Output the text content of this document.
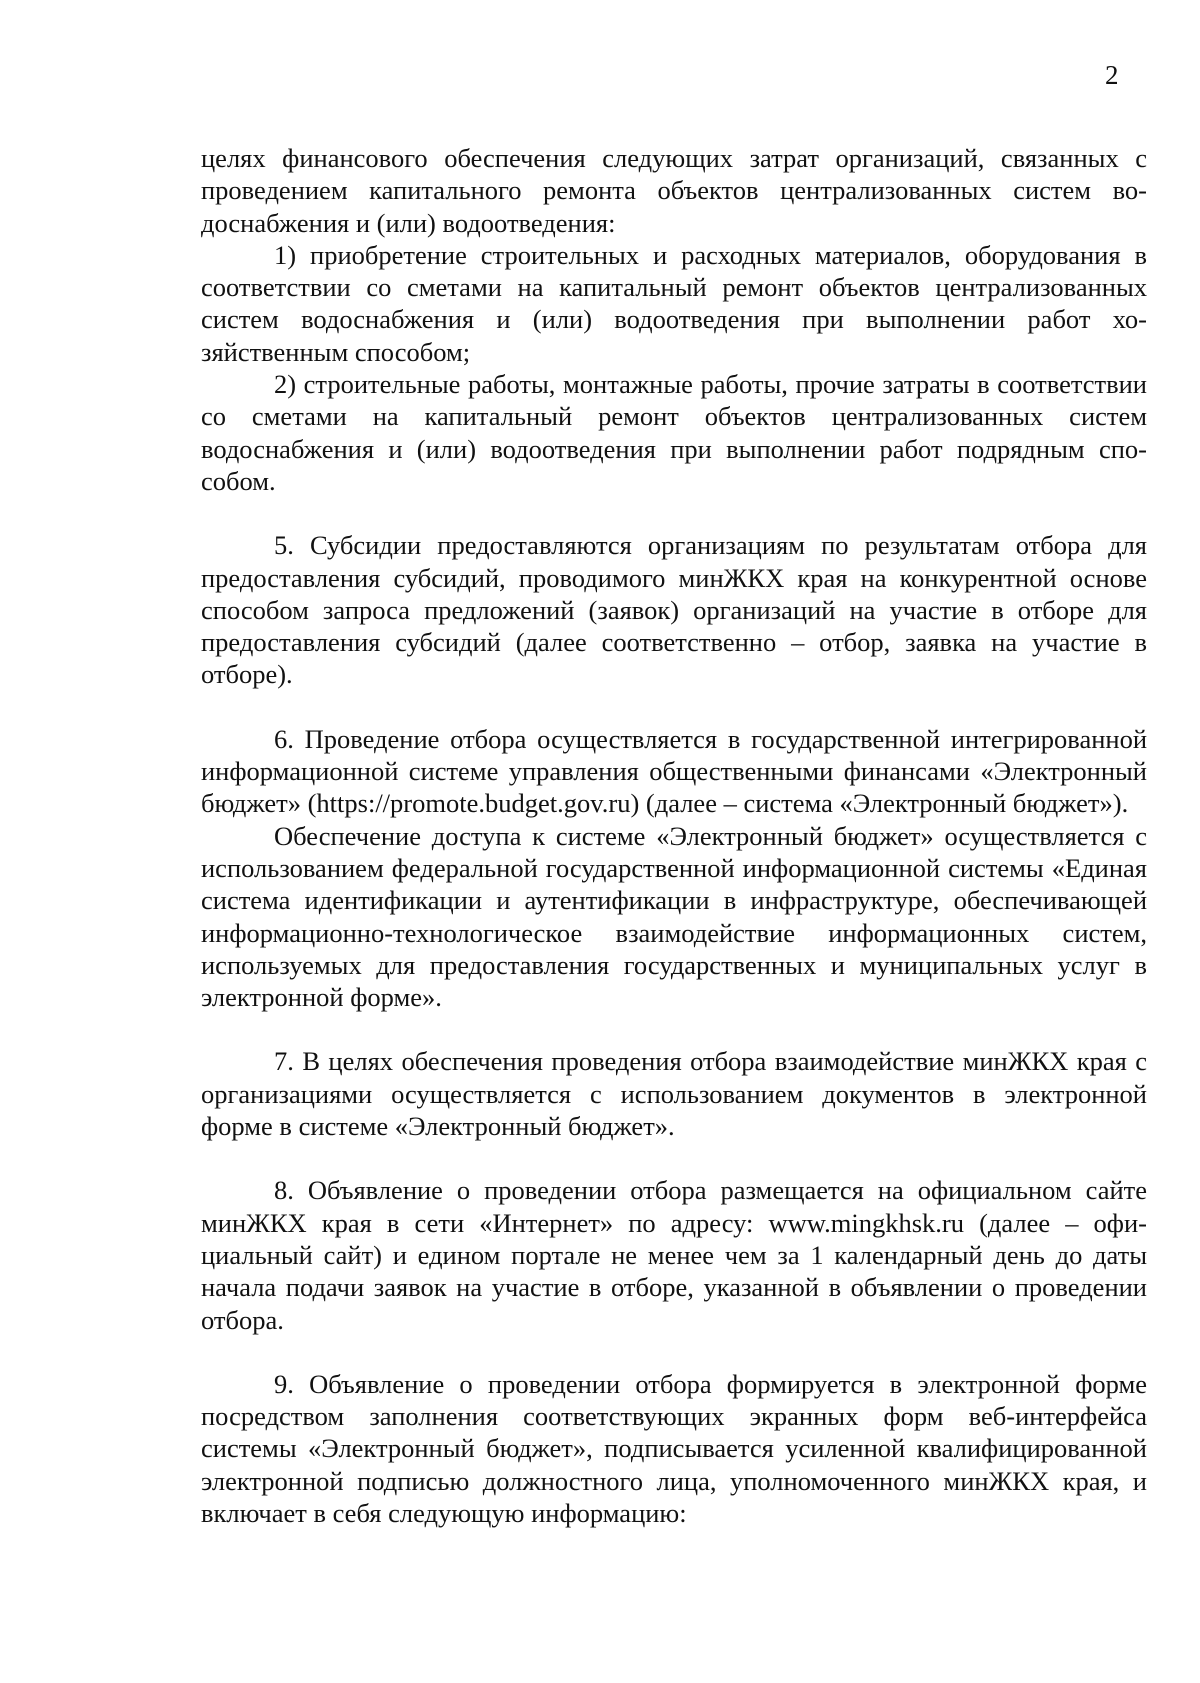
2

целях финансового обеспечения следующих затрат организаций, связанных с проведением капитального ремонта объектов централизованных систем водоснабжения и (или) водоотведения:

1) приобретение строительных и расходных материалов, оборудования в соответствии со сметами на капитальный ремонт объектов централизованных систем водоснабжения и (или) водоотведения при выполнении работ хозяйственным способом;

2) строительные работы, монтажные работы, прочие затраты в соответствии со сметами на капитальный ремонт объектов централизованных систем водоснабжения и (или) водоотведения при выполнении работ подрядным способом.

5. Субсидии предоставляются организациям по результатам отбора для предоставления субсидий, проводимого минЖКХ края на конкурентной основе способом запроса предложений (заявок) организаций на участие в отборе для предоставления субсидий (далее соответственно – отбор, заявка на участие в отборе).

6. Проведение отбора осуществляется в государственной интегрированной информационной системе управления общественными финансами «Электронный бюджет» (https://promote.budget.gov.ru) (далее – система «Электронный бюджет»).

Обеспечение доступа к системе «Электронный бюджет» осуществляется с использованием федеральной государственной информационной системы «Единая система идентификации и аутентификации в инфраструктуре, обеспечивающей информационно-технологическое взаимодействие информационных систем, используемых для предоставления государственных и муниципальных услуг в электронной форме».

7. В целях обеспечения проведения отбора взаимодействие минЖКХ края с организациями осуществляется с использованием документов в электронной форме в системе «Электронный бюджет».

8. Объявление о проведении отбора размещается на официальном сайте минЖКХ края в сети «Интернет» по адресу: www.mingkhsk.ru (далее – официальный сайт) и едином портале не менее чем за 1 календарный день до даты начала подачи заявок на участие в отборе, указанной в объявлении о проведении отбора.

9. Объявление о проведении отбора формируется в электронной форме посредством заполнения соответствующих экранных форм веб-интерфейса системы «Электронный бюджет», подписывается усиленной квалифицированной электронной подписью должностного лица, уполномоченного минЖКХ края, и включает в себя следующую информацию:
